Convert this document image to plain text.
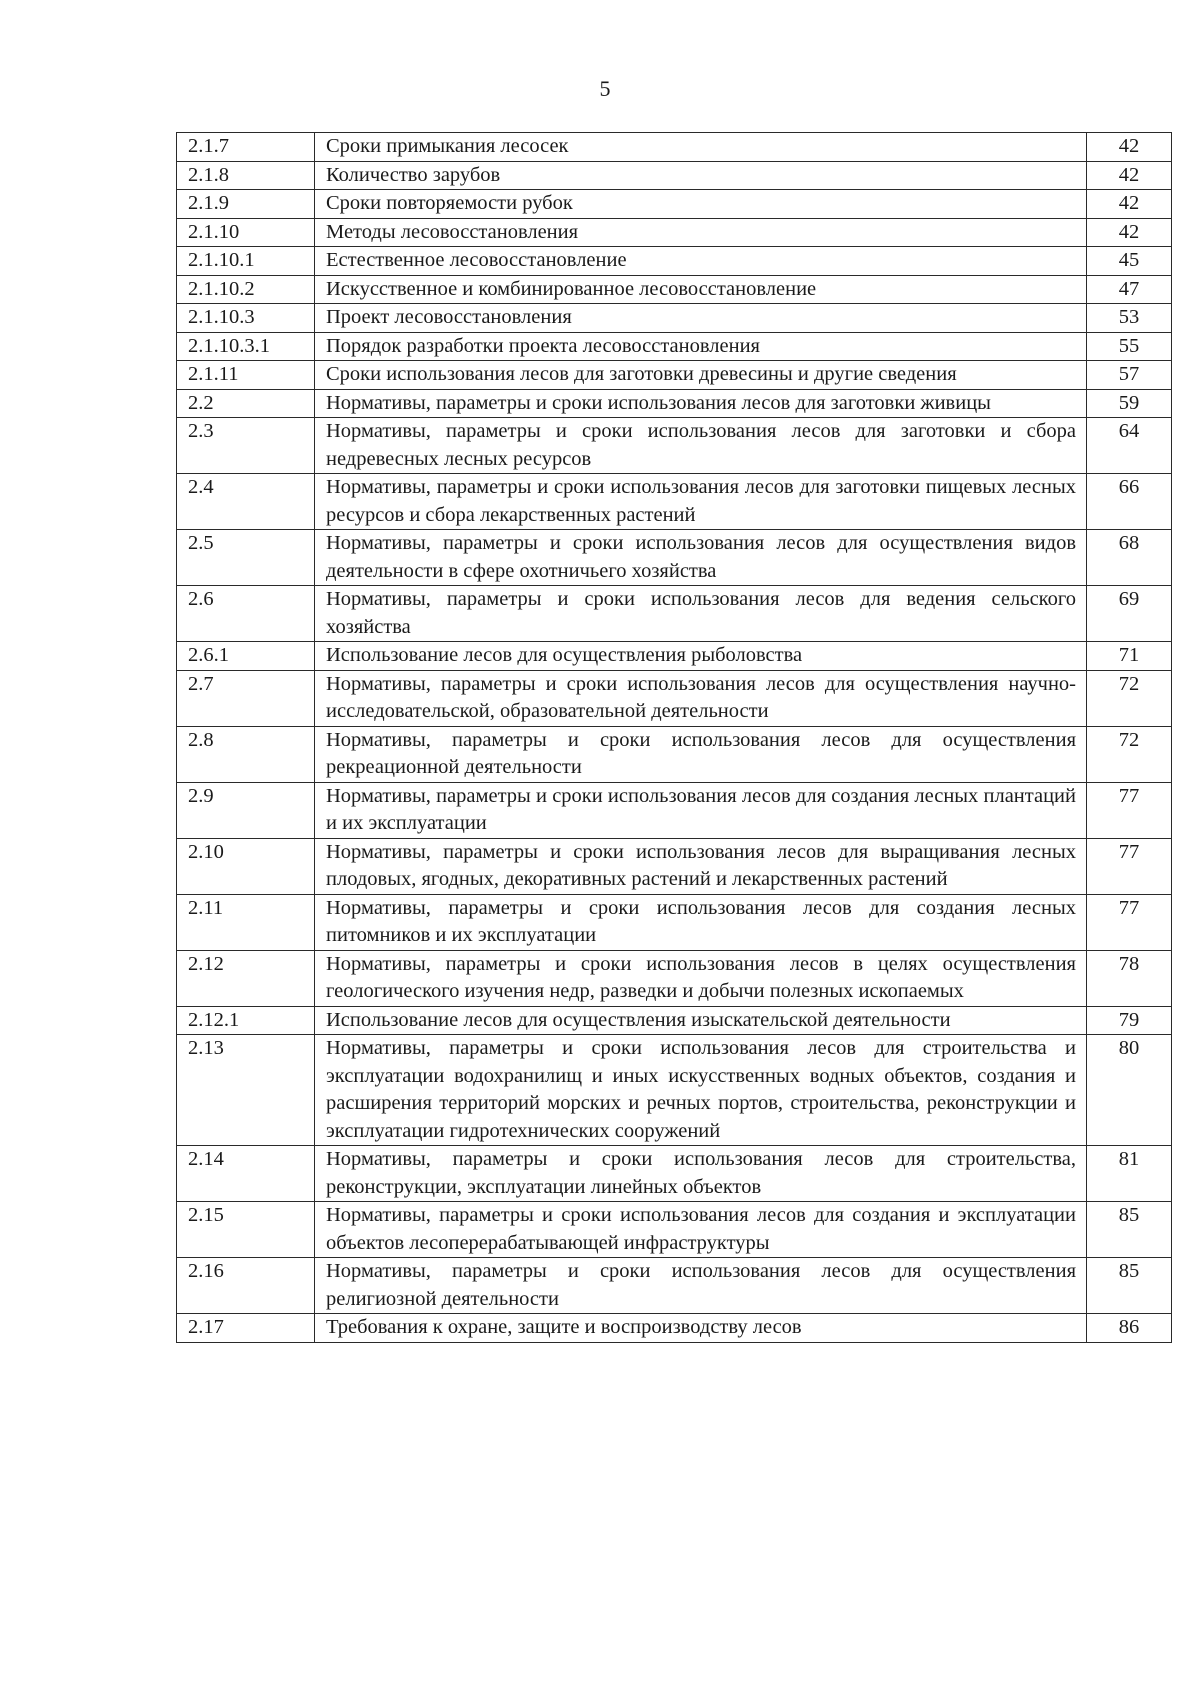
5
2.1.7	Сроки примыкания лесосек	42
2.1.8	Количество зарубов	42
2.1.9	Сроки повторяемости рубок	42
2.1.10	Методы лесовосстановления	42
2.1.10.1	Естественное лесовосстановление	45
2.1.10.2	Искусственное и комбинированное лесовосстановление	47
2.1.10.3	Проект лесовосстановления	53
2.1.10.3.1	Порядок разработки проекта лесовосстановления	55
2.1.11	Сроки использования лесов для заготовки древесины и другие сведения	57
2.2	Нормативы, параметры и сроки использования лесов для заготовки живицы	59
2.3	Нормативы, параметры и сроки использования лесов для заготовки и сбора недревесных лесных ресурсов	64
2.4	Нормативы, параметры и сроки использования лесов для заготовки пищевых лесных ресурсов и сбора лекарственных растений	66
2.5	Нормативы, параметры и сроки использования лесов для осуществления видов деятельности в сфере охотничьего хозяйства	68
2.6	Нормативы, параметры и сроки использования лесов для ведения сельского хозяйства	69
2.6.1	Использование лесов для осуществления рыболовства	71
2.7	Нормативы, параметры и сроки использования лесов для осуществления научно-исследовательской, образовательной деятельности	72
2.8	Нормативы, параметры и сроки использования лесов для осуществления рекреационной деятельности	72
2.9	Нормативы, параметры и сроки использования лесов для создания лесных плантаций и их эксплуатации	77
2.10	Нормативы, параметры и сроки использования лесов для выращивания лесных плодовых, ягодных, декоративных растений и лекарственных растений	77
2.11	Нормативы, параметры и сроки использования лесов для создания лесных питомников и их эксплуатации	77
2.12	Нормативы, параметры и сроки использования лесов в целях осуществления геологического изучения недр, разведки и добычи полезных ископаемых	78
2.12.1	Использование лесов для осуществления изыскательской деятельности	79
2.13	Нормативы, параметры и сроки использования лесов для строительства и эксплуатации водохранилищ и иных искусственных водных объектов, создания и расширения территорий морских и речных портов, строительства, реконструкции и эксплуатации гидротехнических сооружений	80
2.14	Нормативы, параметры и сроки использования лесов для строительства, реконструкции, эксплуатации линейных объектов	81
2.15	Нормативы, параметры и сроки использования лесов для создания и эксплуатации объектов лесоперерабатывающей инфраструктуры	85
2.16	Нормативы, параметры и сроки использования лесов для осуществления религиозной деятельности	85
2.17	Требования к охране, защите и воспроизводству лесов	86
